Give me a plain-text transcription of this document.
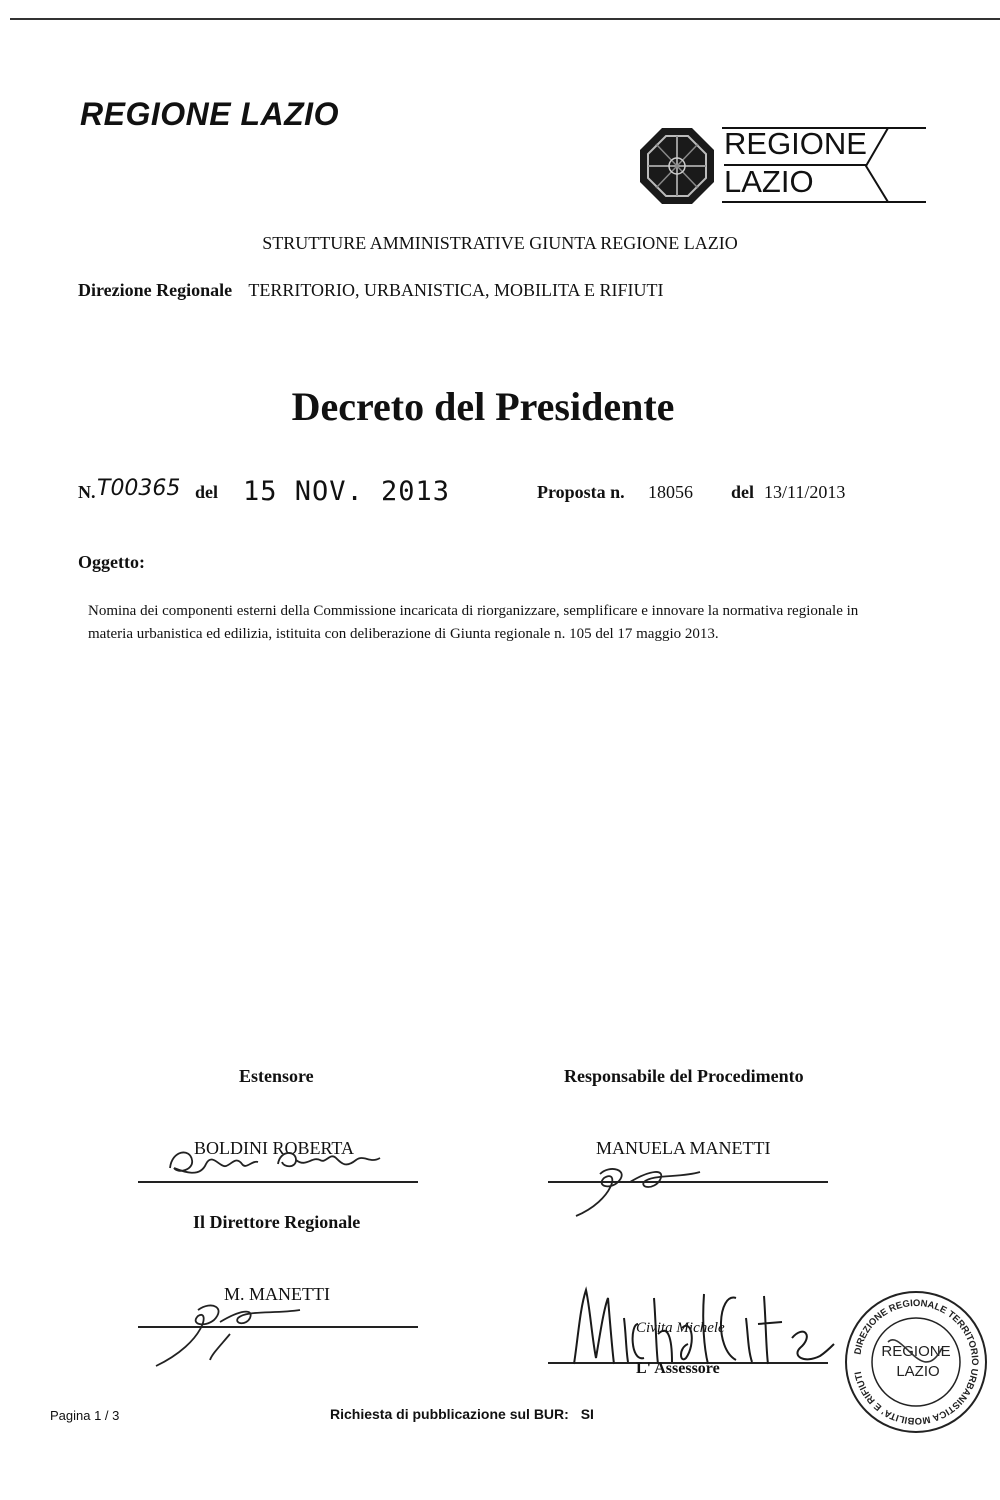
REGIONE LAZIO
REGIONE
LAZIO
STRUTTURE AMMINISTRATIVE GIUNTA REGIONE LAZIO
Direzione Regionale TERRITORIO, URBANISTICA, MOBILITA E RIFIUTI
Decreto del Presidente
N. T00365 del 15 NOV. 2013	Proposta n. 18056 del 13/11/2013
Oggetto:
Nomina dei componenti esterni della Commissione incaricata di riorganizzare, semplificare e innovare la normativa regionale in materia urbanistica ed edilizia, istituita con deliberazione di Giunta regionale n. 105 del 17 maggio 2013.
Estensore
BOLDINI ROBERTA
Responsabile del Procedimento
MANUELA MANETTI
Il Direttore Regionale
M. MANETTI
Civita Michele
L' Assessore
DIREZIONE REGIONALE TERRITORIO URBANISTICA MOBILITA' E RIFIUTI
REGIONE
LAZIO
Pagina 1 / 3	Richiesta di pubblicazione sul BUR: SI
